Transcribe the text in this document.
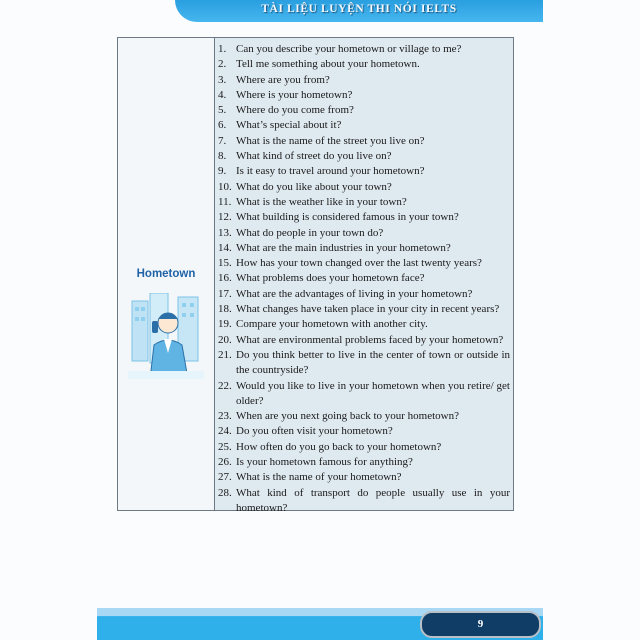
TÀI LIỆU LUYỆN THI NÓI IELTS
Hometown
1. Can you describe your hometown or village to me?
2. Tell me something about your hometown.
3. Where are you from?
4. Where is your hometown?
5. Where do you come from?
6. What’s special about it?
7. What is the name of the street you live on?
8. What kind of street do you live on?
9. Is it easy to travel around your hometown?
10. What do you like about your town?
11. What is the weather like in your town?
12. What building is considered famous in your town?
13. What do people in your town do?
14. What are the main industries in your hometown?
15. How has your town changed over the last twenty years?
16. What problems does your hometown face?
17. What are the advantages of living in your hometown?
18. What changes have taken place in your city in recent years?
19. Compare your hometown with another city.
20. What are environmental problems faced by your hometown?
21. Do you think better to live in the center of town or outside in the countryside?
22. Would you like to live in your hometown when you retire/ get older?
23. When are you next going back to your hometown?
24. Do you often visit your hometown?
25. How often do you go back to your hometown?
26. Is your hometown famous for anything?
27. What is the name of your hometown?
28. What kind of transport do people usually use in your hometown?
9
